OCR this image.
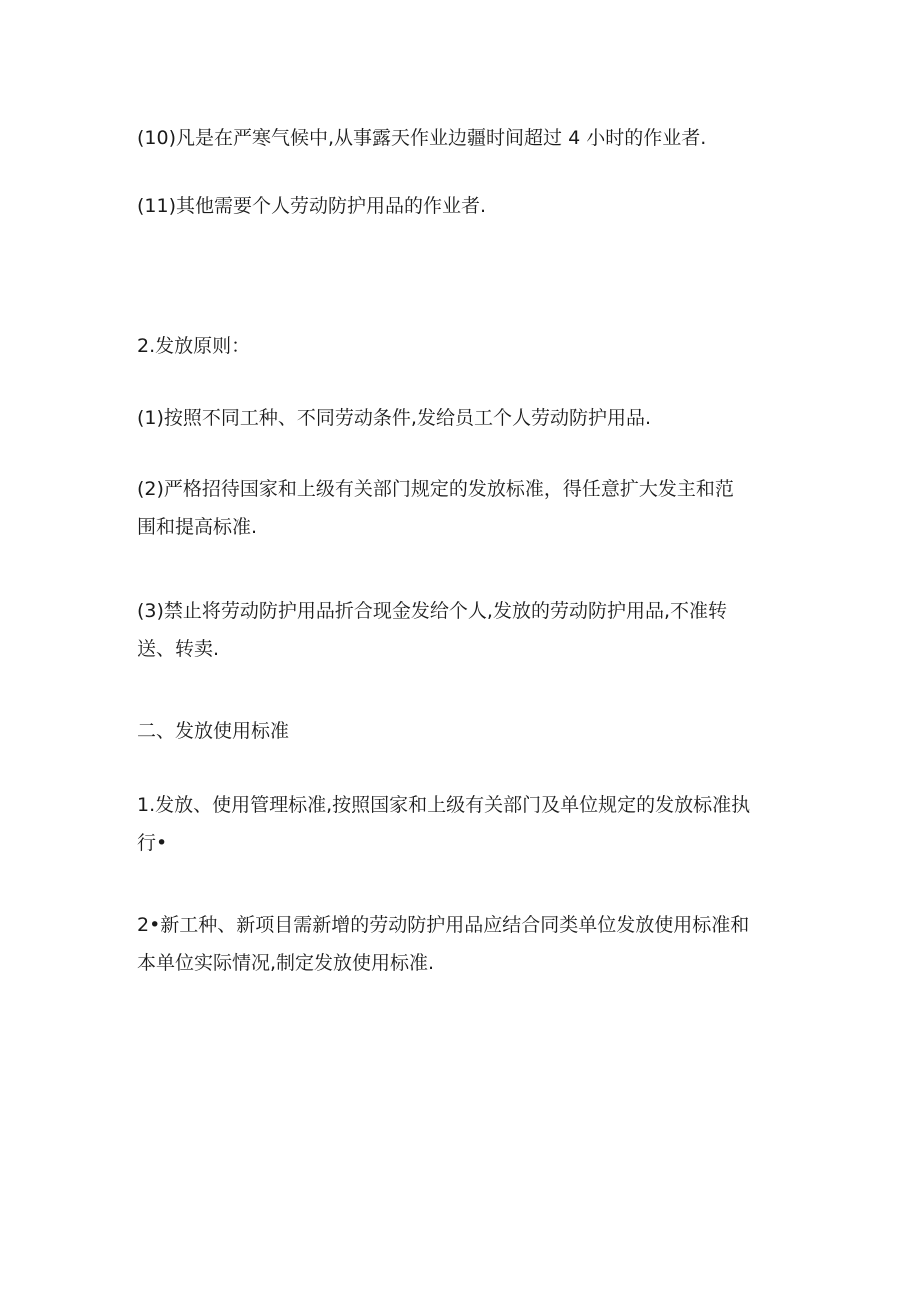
(10)凡是在严寒气候中,从事露天作业边疆时间超过 4 小时的作业者.

(11)其他需要个人劳动防护用品的作业者.

2.发放原则：

(1)按照不同工种、不同劳动条件,发给员工个人劳动防护用品.

(2)严格招待国家和上级有关部门规定的发放标准，得任意扩大发主和范
围和提高标准.

(3)禁止将劳动防护用品折合现金发给个人,发放的劳动防护用品,不准转
送、转卖.

二、发放使用标准

1.发放、使用管理标准,按照国家和上级有关部门及单位规定的发放标准执
行•

2•新工种、新项目需新增的劳动防护用品应结合同类单位发放使用标准和
本单位实际情况,制定发放使用标准.
